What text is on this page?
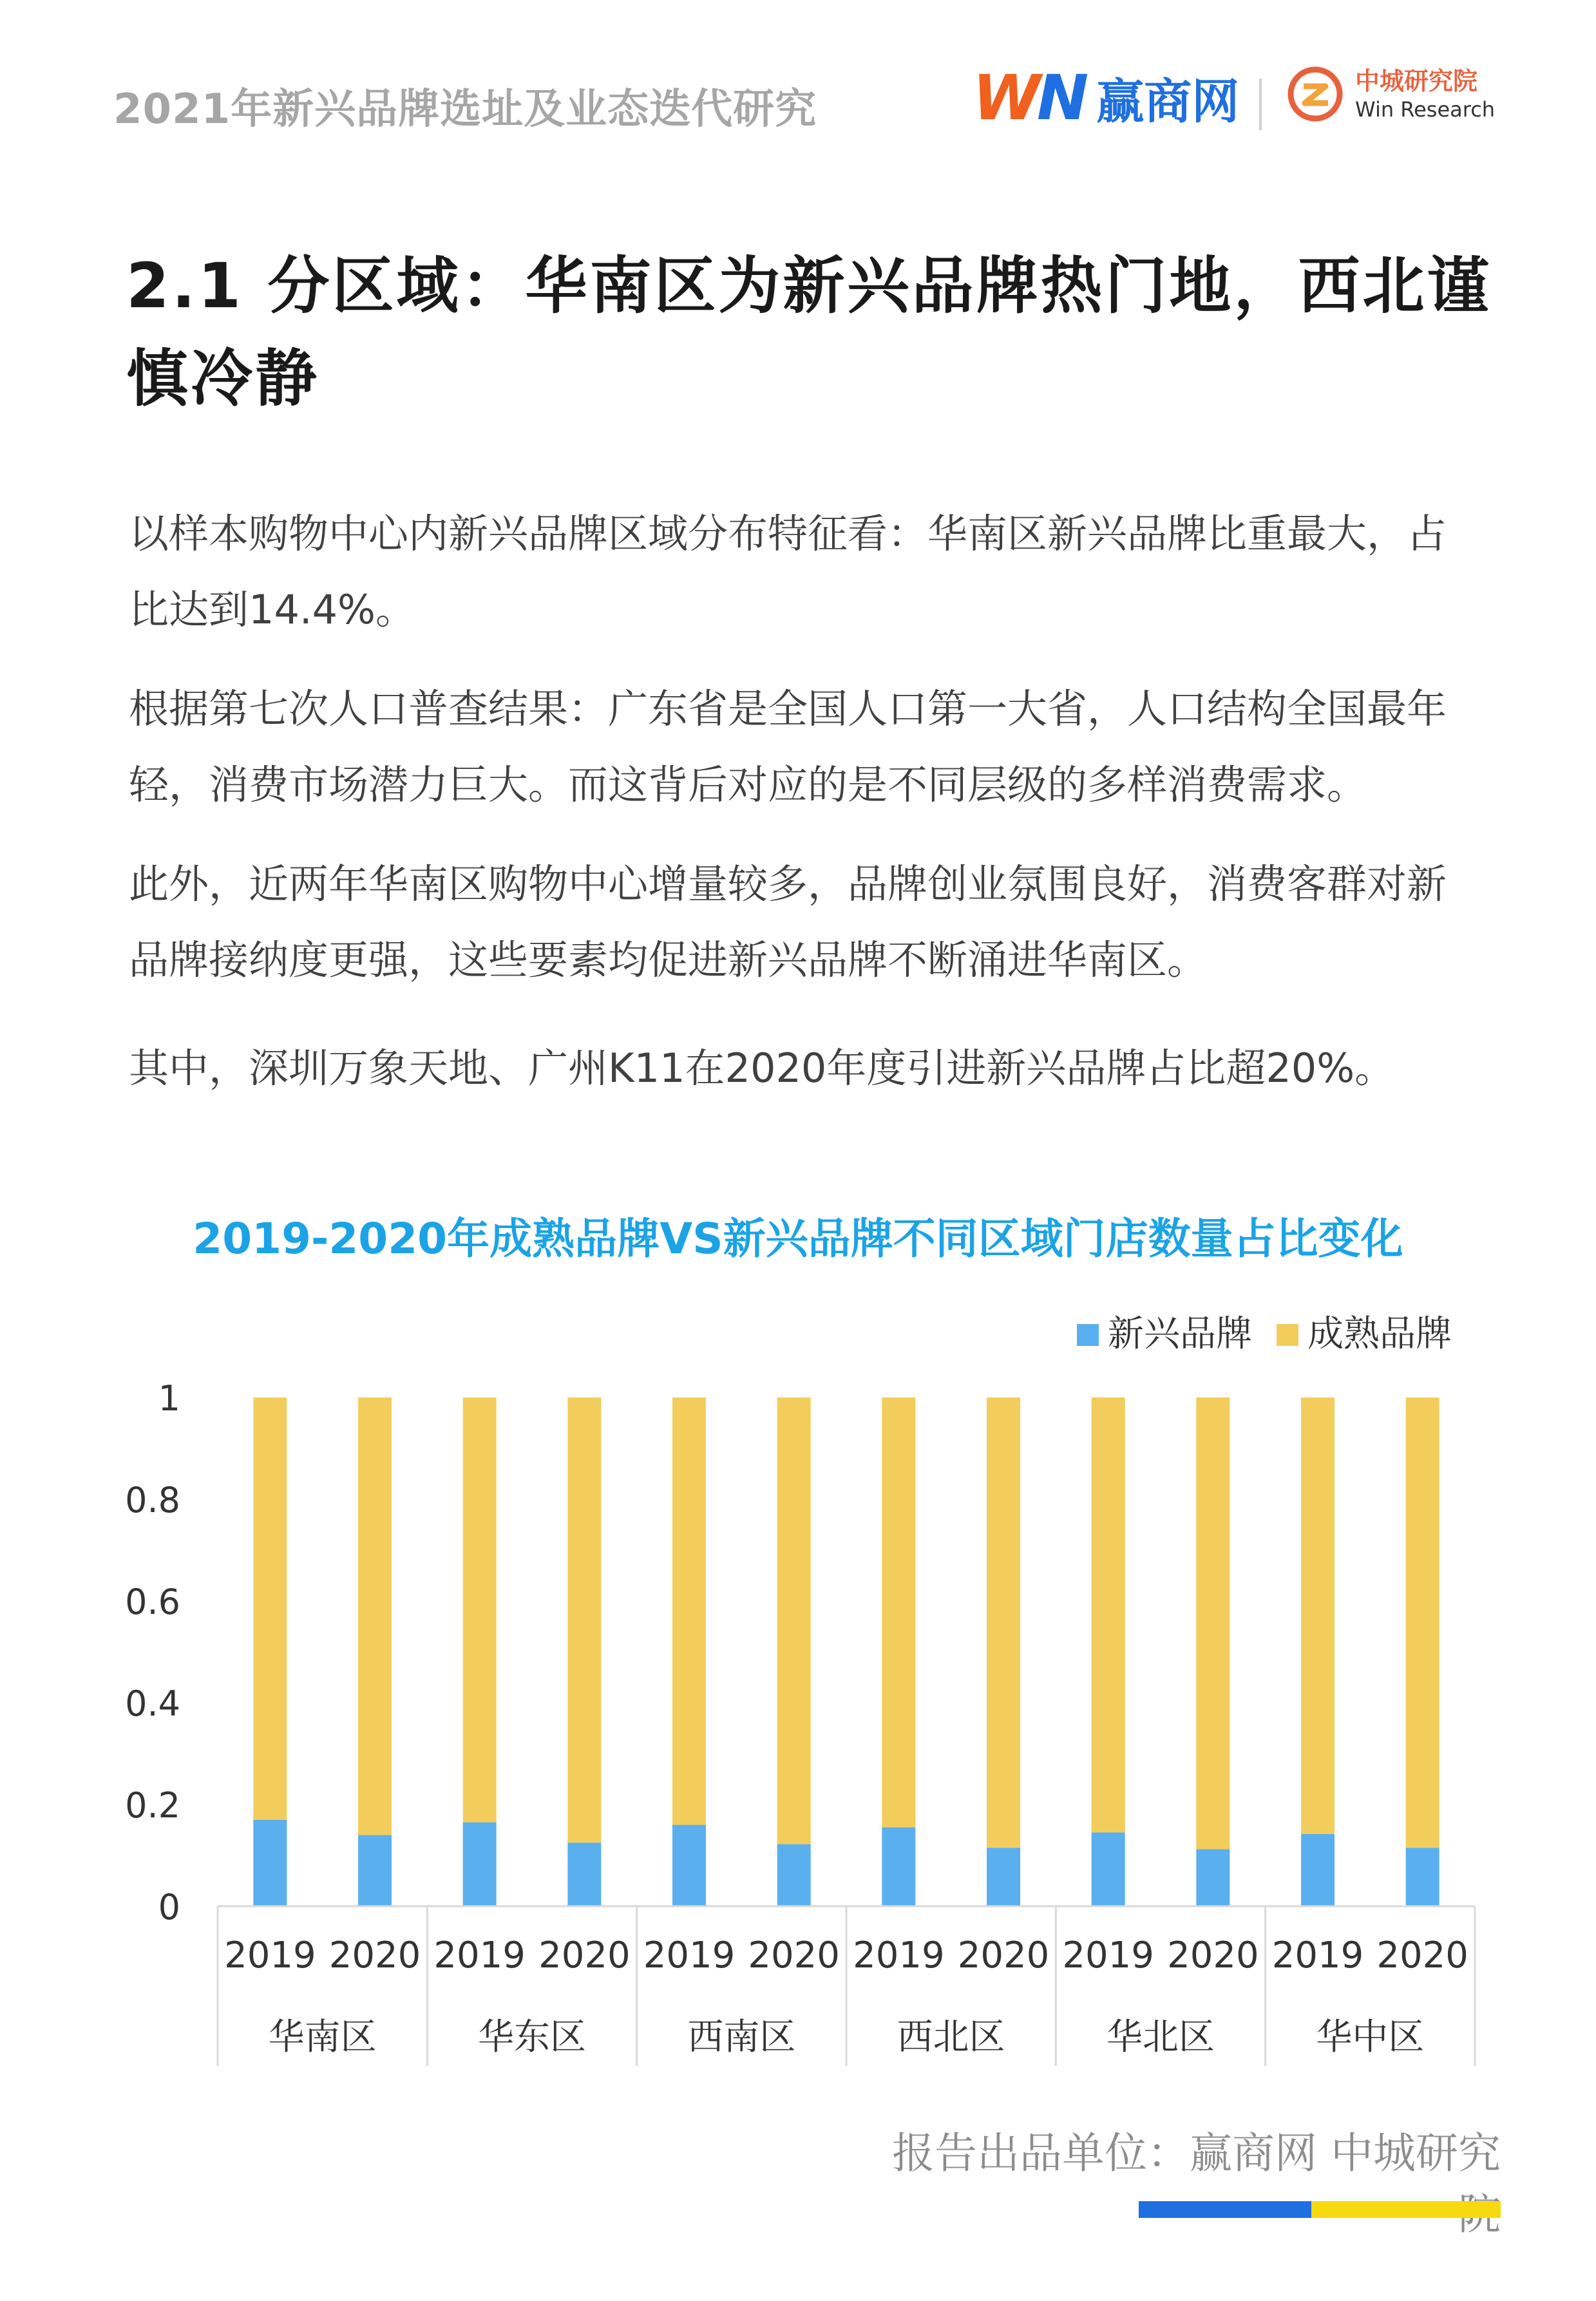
2021年新兴品牌选址及业态迭代研究	WN 赢商网	中城研究院
Win Research
2.1 分区域：华南区为新兴品牌热门地，西北谨慎冷静
以样本购物中心内新兴品牌区域分布特征看：华南区新兴品牌比重最大，占比达到14.4%。
根据第七次人口普查结果：广东省是全国人口第一大省，人口结构全国最年轻，消费市场潜力巨大。而这背后对应的是不同层级的多样消费需求。
此外，近两年华南区购物中心增量较多，品牌创业氛围良好，消费客群对新品牌接纳度更强，这些要素均促进新兴品牌不断涌进华南区。
其中，深圳万象天地、广州K11在2020年度引进新兴品牌占比超20%。
2019-2020年成熟品牌VS新兴品牌不同区域门店数量占比变化
0
0.2
0.4
0.6
0.8
1
2019 2020 2019 2020 2019 2020 2019 2020 2019 2020 2019 2020
华南区	华东区	西南区	西北区	华北区	华中区
新兴品牌 成熟品牌
报告出品单位：赢商网 中城研究
